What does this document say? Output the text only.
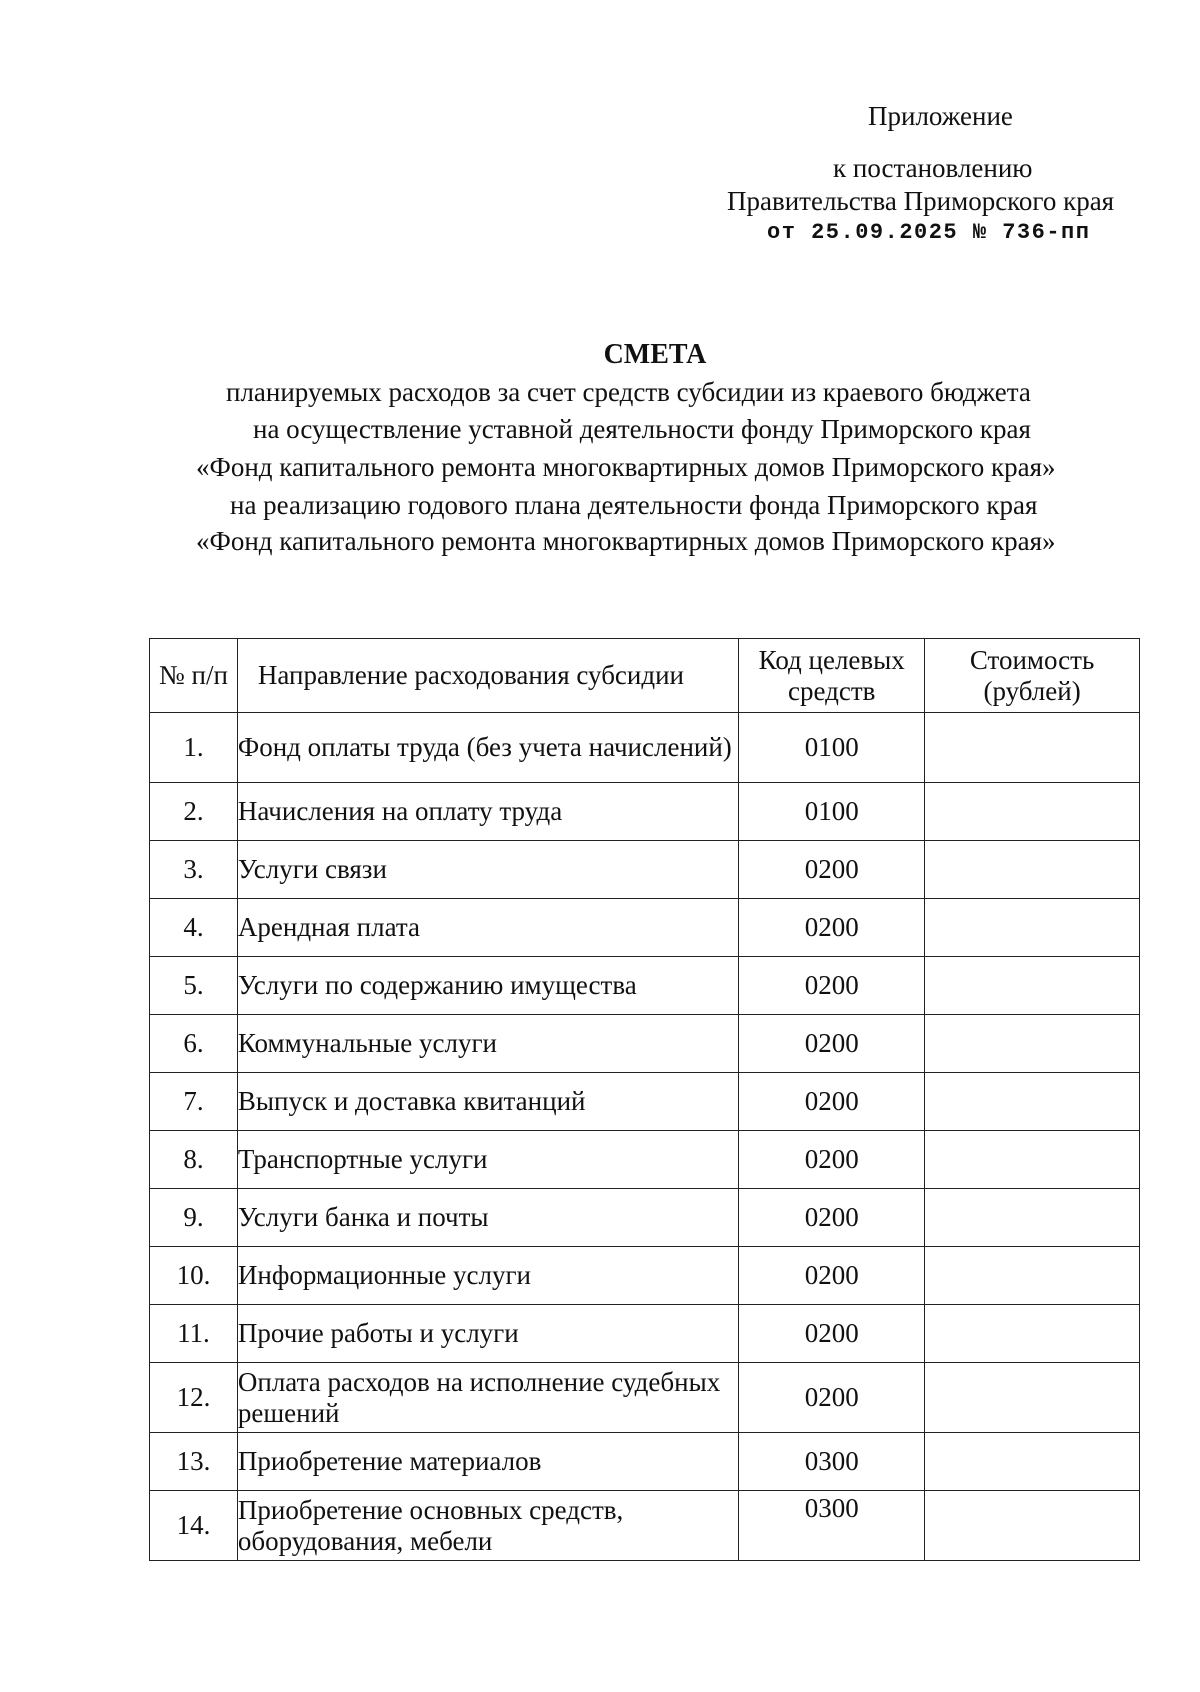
Приложение
к постановлению
Правительства Приморского края
от 25.09.2025 № 736-пп
СМЕТА
планируемых расходов за счет средств субсидии из краевого бюджета
на осуществление уставной деятельности фонду Приморского края
«Фонд капитального ремонта многоквартирных домов Приморского края»
на реализацию годового плана деятельности фонда Приморского края
«Фонд капитального ремонта многоквартирных домов Приморского края»
№ п/п	Направление расходования субсидии	Код целевых средств	Стоимость (рублей)
1.	Фонд оплаты труда (без учета начислений)	0100	
2.	Начисления на оплату труда	0100	
3.	Услуги связи	0200	
4.	Арендная плата	0200	
5.	Услуги по содержанию имущества	0200	
6.	Коммунальные услуги	0200	
7.	Выпуск и доставка квитанций	0200	
8.	Транспортные услуги	0200	
9.	Услуги банка и почты	0200	
10.	Информационные услуги	0200	
11.	Прочие работы и услуги	0200	
12.	Оплата расходов на исполнение судебных решений	0200	
13.	Приобретение материалов	0300	
14.	Приобретение основных средств, оборудования, мебели	0300	
